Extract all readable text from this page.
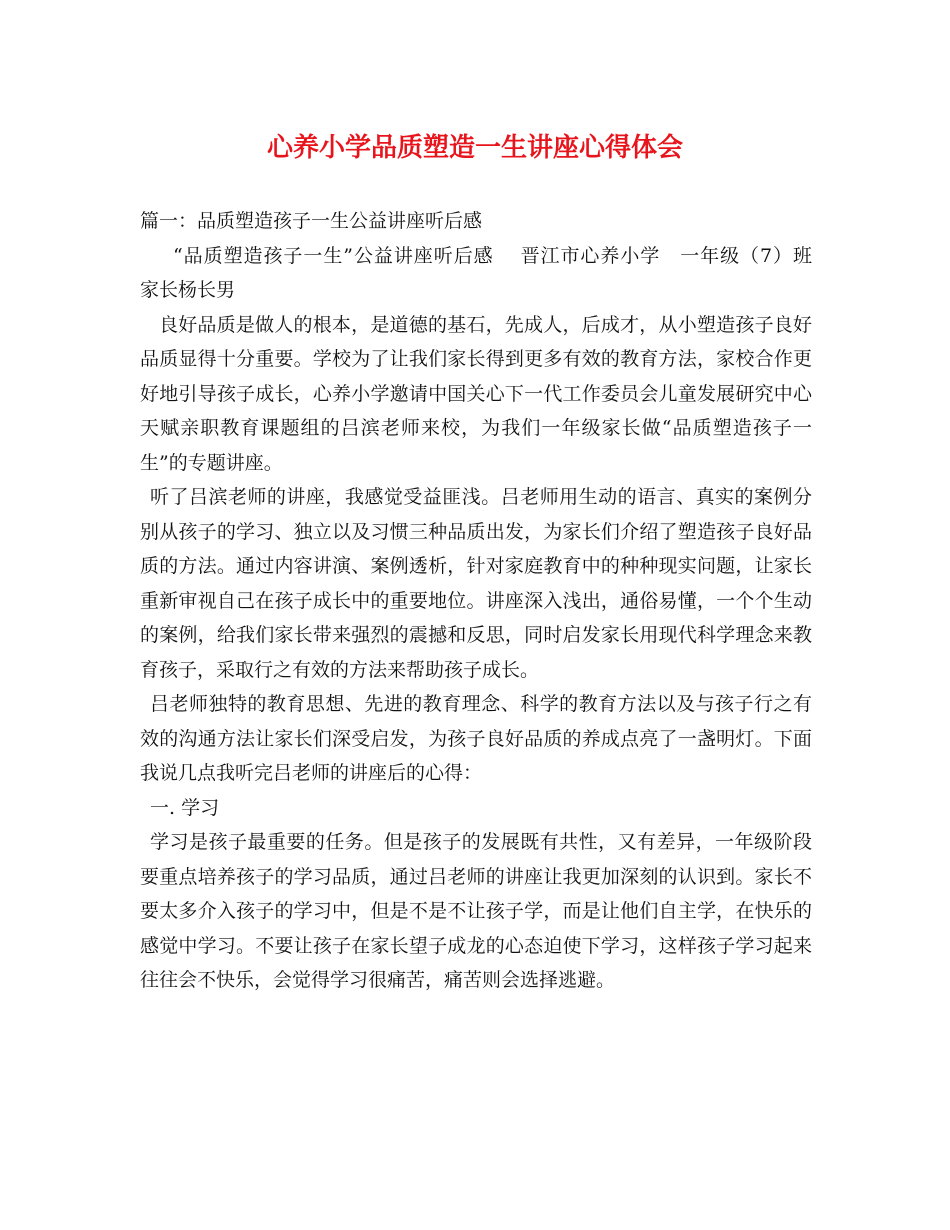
心养小学品质塑造一生讲座心得体会

篇一：品质塑造孩子一生公益讲座听后感

“品质塑造孩子一生”公益讲座听后感　 晋江市心养小学　一年级（7）班　家长杨长男

良好品质是做人的根本，是道德的基石，先成人，后成才，从小塑造孩子良好品质显得十分重要。学校为了让我们家长得到更多有效的教育方法，家校合作更好地引导孩子成长，心养小学邀请中国关心下一代工作委员会儿童发展研究中心天赋亲职教育课题组的吕滨老师来校，为我们一年级家长做“品质塑造孩子一生”的专题讲座。

听了吕滨老师的讲座，我感觉受益匪浅。吕老师用生动的语言、真实的案例分别从孩子的学习、独立以及习惯三种品质出发，为家长们介绍了塑造孩子良好品质的方法。通过内容讲演、案例透析，针对家庭教育中的种种现实问题，让家长重新审视自己在孩子成长中的重要地位。讲座深入浅出，通俗易懂，一个个生动的案例，给我们家长带来强烈的震撼和反思，同时启发家长用现代科学理念来教育孩子，采取行之有效的方法来帮助孩子成长。

吕老师独特的教育思想、先进的教育理念、科学的教育方法以及与孩子行之有效的沟通方法让家长们深受启发，为孩子良好品质的养成点亮了一盏明灯。下面我说几点我听完吕老师的讲座后的心得：

一. 学习

学习是孩子最重要的任务。但是孩子的发展既有共性，又有差异，一年级阶段要重点培养孩子的学习品质，通过吕老师的讲座让我更加深刻的认识到。家长不要太多介入孩子的学习中，但是不是不让孩子学，而是让他们自主学，在快乐的感觉中学习。不要让孩子在家长望子成龙的心态迫使下学习，这样孩子学习起来往往会不快乐，会觉得学习很痛苦，痛苦则会选择逃避。
